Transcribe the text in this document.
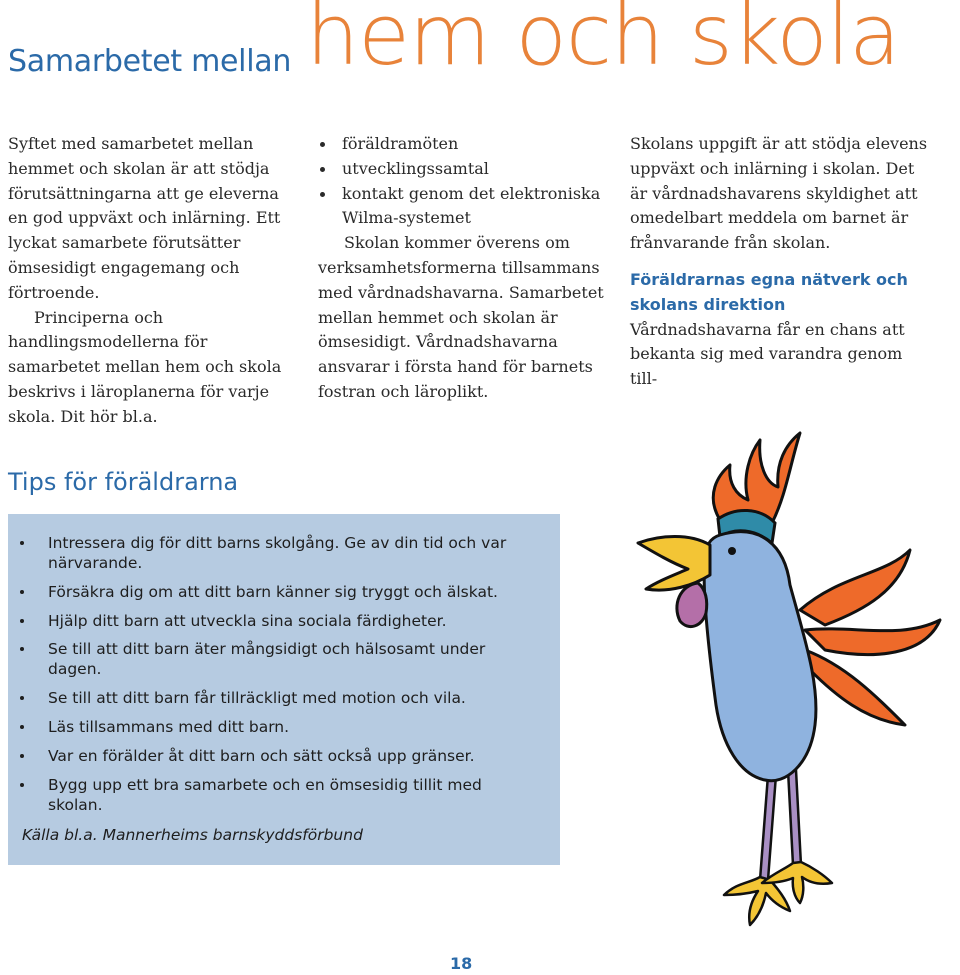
Samarbetet mellan hem och skola

Syftet med samarbetet mellan hemmet och skolan är att stödja förutsättningarna att ge eleverna en god uppväxt och inlärning. Ett lyckat samarbete förutsätter ömsesidigt engagemang och förtroende.

Principerna och handlingsmodellerna för samarbetet mellan hem och skola beskrivs i läroplanerna för varje skola. Dit hör bl.a.

föräldramöten
utvecklingssamtal
kontakt genom det elektroniska Wilma-systemet

Skolan kommer överens om verksamhetsformerna tillsammans med vårdnadshavarna. Samarbetet mellan hemmet och skolan är ömsesidigt. Vårdnadshavarna ansvarar i första hand för barnets fostran och läroplikt.

Skolans uppgift är att stödja elevens uppväxt och inlärning i skolan. Det är vårdnadshavarens skyldighet att omedelbart meddela om barnet är frånvarande från skolan.

Föräldrarnas egna nätverk och skolans direktion

Vårdnadshavarna får en chans att bekanta sig med varandra genom till-

Tips för föräldrarna
Intressera dig för ditt barns skolgång. Ge av din tid och var närvarande.
Försäkra dig om att ditt barn känner sig tryggt och älskat.
Hjälp ditt barn att utveckla sina sociala färdigheter.
Se till att ditt barn äter mångsidigt och hälsosamt under dagen.
Se till att ditt barn får tillräckligt med motion och vila.
Läs tillsammans med ditt barn.
Var en förälder åt ditt barn och sätt också upp gränser.
Bygg upp ett bra samarbete och en ömsesidig tillit med skolan.
Källa bl.a. Mannerheims barnskyddsförbund
18
